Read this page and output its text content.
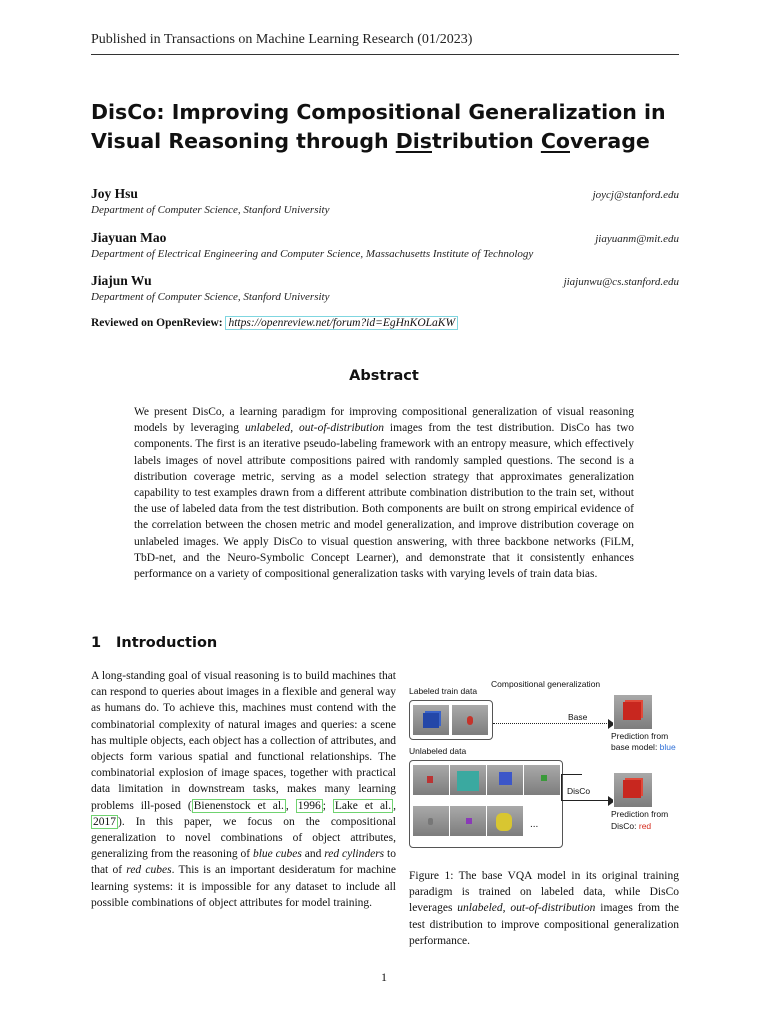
Published in Transactions on Machine Learning Research (01/2023)
DisCo: Improving Compositional Generalization in Visual Reasoning through Distribution Coverage
Joy Hsu	joycj@stanford.edu
Department of Computer Science, Stanford University
Jiayuan Mao	jiayuanm@mit.edu
Department of Electrical Engineering and Computer Science, Massachusetts Institute of Technology
Jiajun Wu	jiajunwu@cs.stanford.edu
Department of Computer Science, Stanford University
Reviewed on OpenReview: https://openreview.net/forum?id=EgHnKOLaKW
Abstract
We present DisCo, a learning paradigm for improving compositional generalization of visual reasoning models by leveraging unlabeled, out-of-distribution images from the test distribution. DisCo has two components. The first is an iterative pseudo-labeling framework with an entropy measure, which effectively labels images of novel attribute compositions paired with randomly sampled questions. The second is a distribution coverage metric, serving as a model selection strategy that approximates generalization capability to test examples drawn from a different attribute combination distribution to the train set, without the use of labeled data from the test distribution. Both components are built on strong empirical evidence of the correlation between the chosen metric and model generalization, and improve distribution coverage on unlabeled images. We apply DisCo to visual question answering, with three backbone networks (FiLM, TbD-net, and the Neuro-Symbolic Concept Learner), and demonstrate that it consistently enhances performance on a variety of compositional generalization tasks with varying levels of train data bias.
1 Introduction
A long-standing goal of visual reasoning is to build machines that can respond to queries about images in a flexible and general way as humans do. To achieve this, machines must contend with the combinatorial complexity of natural images and queries: a scene has multiple objects, each object has a collection of attributes, and objects form various spatial and functional relationships. The combinatorial explosion of image spaces, together with practical data limitation in downstream tasks, makes many learning problems ill-posed ( Bienenstock et al. , 1996 ; Lake et al. , 2017 ). In this paper, we focus on the compositional generalization to novel combinations of object attributes, generalizing from the reasoning of blue cubes and red cylinders to that of red cubes. This is an important desideratum for machine learning systems: it is impossible for any dataset to include all possible combinations of object attributes for model training.
Compositional generalization
Labeled train data
Base
Prediction from
base model: blue
Unlabeled data
...
DisCo
Prediction from
DisCo: red
Figure 1: The base VQA model in its original training paradigm is trained on labeled data, while DisCo leverages unlabeled, out-of-distribution images from the test distribution to improve compositional generalization performance.
1
